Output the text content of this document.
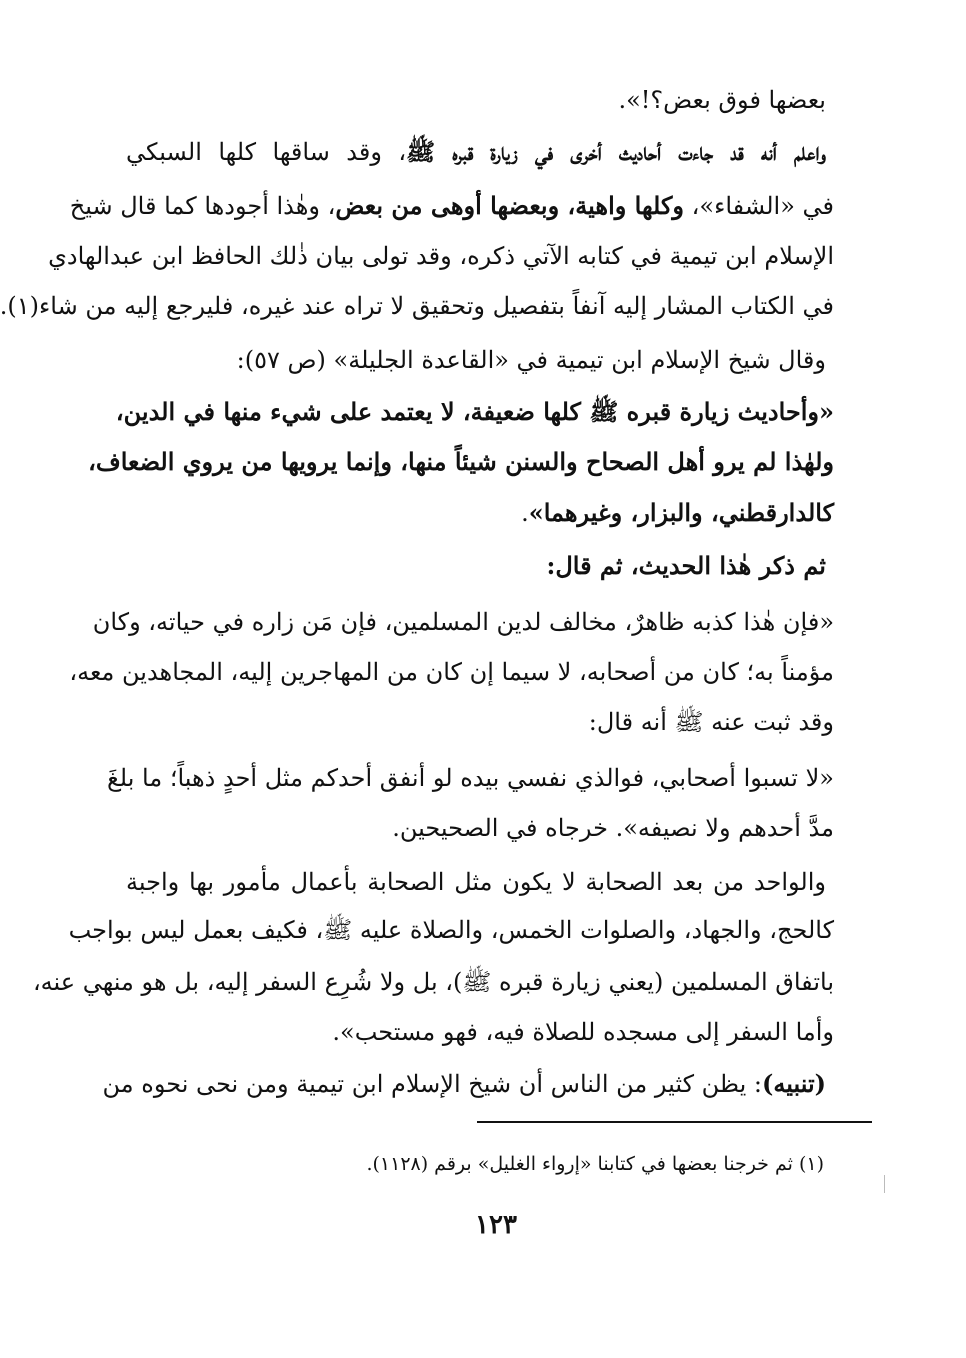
بعضها فوق بعض؟!».
واعلم أنه قد جاءت أحاديث أخرى في زيارة قبره ﷺ، وقد ساقها كلها السبكي
في «الشفاء»، وكلها واهية، وبعضها أوهى من بعض، وهٰذا أجودها كما قال شيخ
الإسلام ابن تيمية في كتابه الآتي ذكره، وقد تولى بيان ذٰلك الحافظ ابن عبدالهادي
في الكتاب المشار إليه آنفاً بتفصيل وتحقيق لا تراه عند غيره، فليرجع إليه من شاء(١).
وقال شيخ الإسلام ابن تيمية في «القاعدة الجليلة» (ص ٥٧):
«وأحاديث زيارة قبره ﷺ كلها ضعيفة، لا يعتمد على شيء منها في الدين،
ولهٰذا لم يرو أهل الصحاح والسنن شيئاً منها، وإنما يرويها من يروي الضعاف،
كالدارقطني، والبزار، وغيرهما».
ثم ذكر هٰذا الحديث، ثم قال:
«فإن هٰذا كذبه ظاهرٌ، مخالف لدين المسلمين، فإن مَن زاره في حياته، وكان
مؤمناً به؛ كان من أصحابه، لا سيما إن كان من المهاجرين إليه، المجاهدين معه،
وقد ثبت عنه ﷺ أنه قال:
«لا تسبوا أصحابي، فوالذي نفسي بيده لو أنفق أحدكم مثل أحدٍ ذهباً؛ ما بلغَ
مدَّ أحدهم ولا نصيفه». خرجاه في الصحيحين.
والواحد من بعد الصحابة لا يكون مثل الصحابة بأعمال مأمور بها واجبة
كالحج، والجهاد، والصلوات الخمس، والصلاة عليه ﷺ، فكيف بعمل ليس بواجب
باتفاق المسلمين (يعني زيارة قبره ﷺ)، بل ولا شُرِع السفر إليه، بل هو منهي عنه،
وأما السفر إلى مسجده للصلاة فيه، فهو مستحب».
(تنبيه): يظن كثير من الناس أن شيخ الإسلام ابن تيمية ومن نحى نحوه من
(١) ثم خرجنا بعضها في كتابنا «إرواء الغليل» برقم (١١٢٨).
١٢٣
